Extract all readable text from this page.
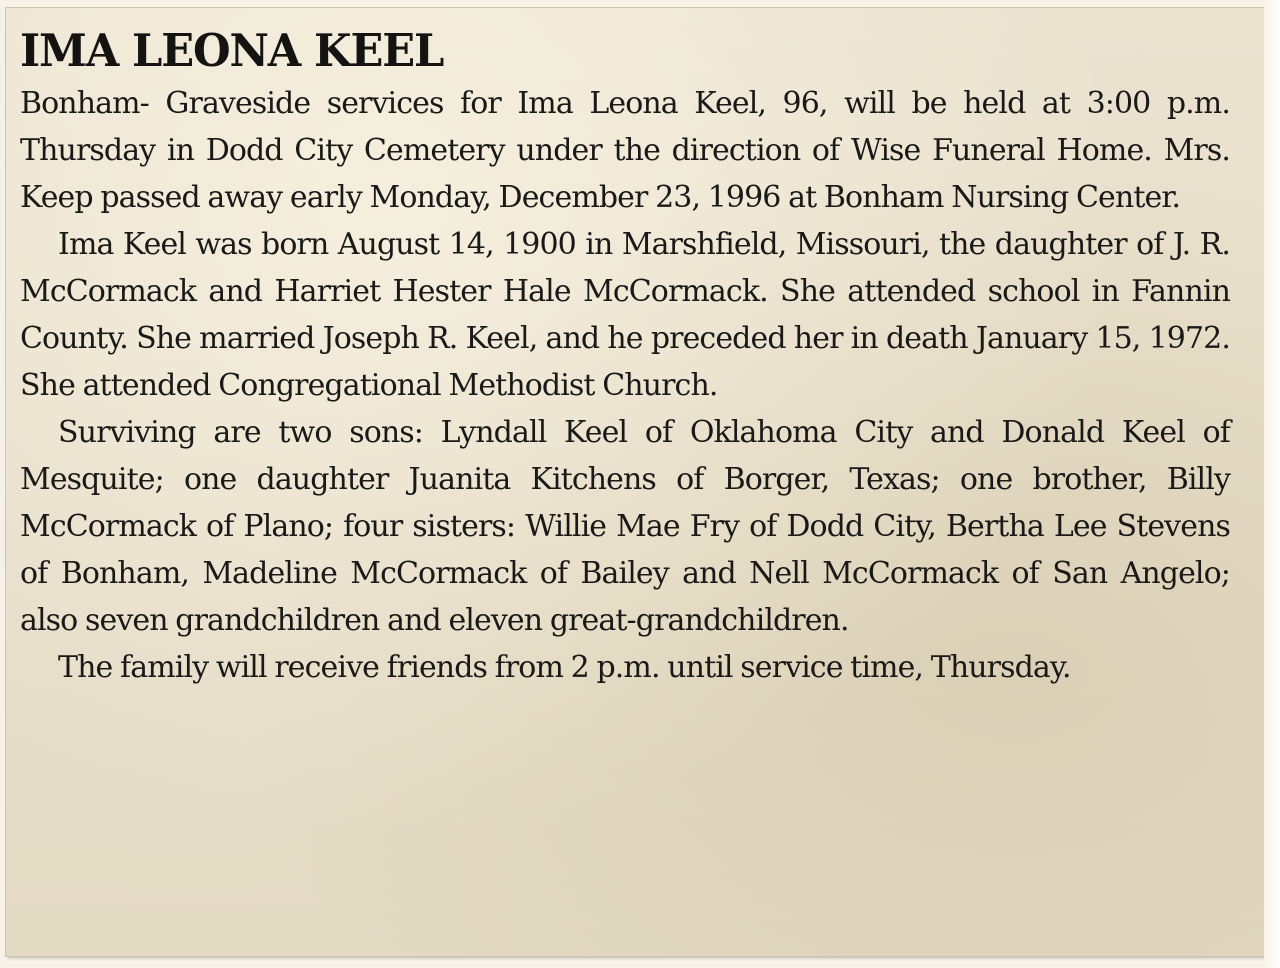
IMA LEONA KEEL

Bonham- Graveside services for Ima Leona Keel, 96, will be held at 3:00 p.m. Thursday in Dodd City Cemetery under the direction of Wise Funeral Home. Mrs. Keep passed away early Monday, December 23, 1996 at Bonham Nursing Center.

Ima Keel was born August 14, 1900 in Marshfield, Missouri, the daughter of J. R. McCormack and Harriet Hester Hale McCormack. She attended school in Fannin County. She married Joseph R. Keel, and he preceded her in death January 15, 1972. She attended Congregational Methodist Church.

Surviving are two sons: Lyndall Keel of Oklahoma City and Donald Keel of Mesquite; one daughter Juanita Kitchens of Borger, Texas; one brother, Billy McCormack of Plano; four sisters: Willie Mae Fry of Dodd City, Bertha Lee Stevens of Bonham, Madeline McCormack of Bailey and Nell McCormack of San Angelo; also seven grandchildren and eleven great-grandchildren.

The family will receive friends from 2 p.m. until service time, Thursday.
